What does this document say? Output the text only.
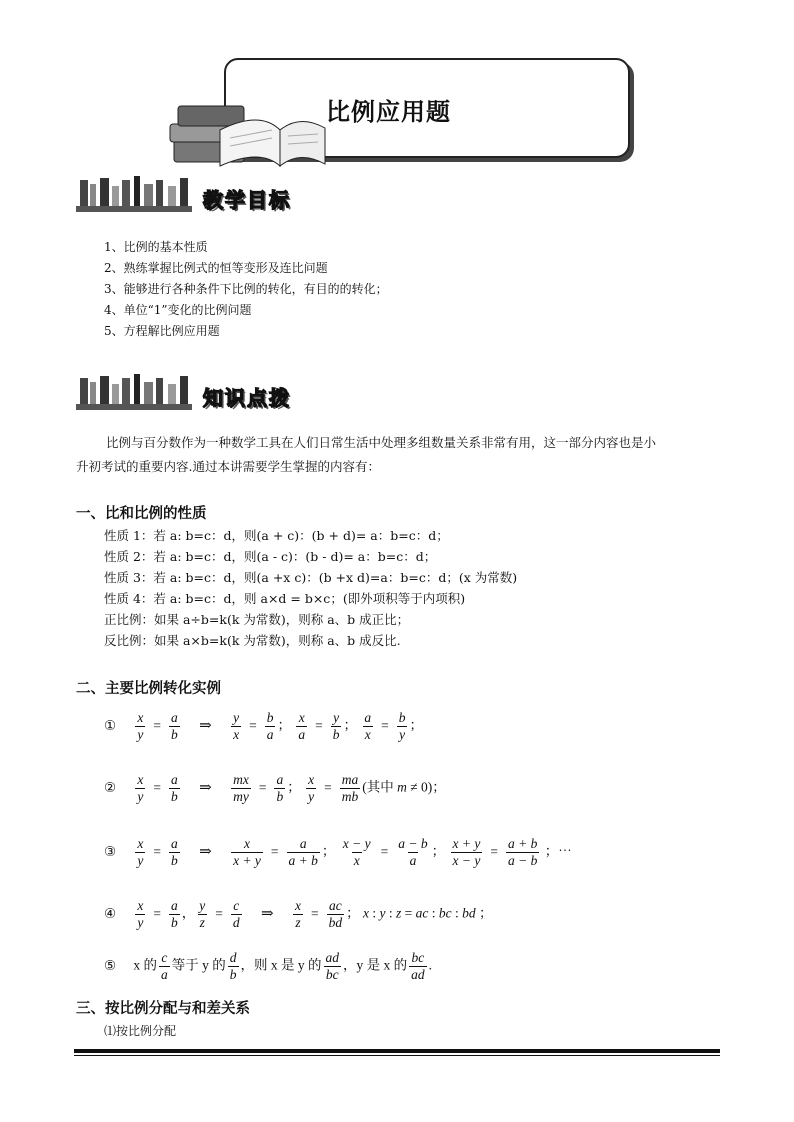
比例应用题
教学目标
1、比例的基本性质
2、熟练掌握比例式的恒等变形及连比问题
3、能够进行各种条件下比例的转化，有目的的转化；
4、单位“1”变化的比例问题
5、方程解比例应用题
知识点拨
比例与百分数作为一种数学工具在人们日常生活中处理多组数量关系非常有用，这一部分内容也是小
升初考试的重要内容.通过本讲需要学生掌握的内容有：
一、比和比例的性质
性质 1：若 a: b=c：d，则(a + c)：(b + d)= a：b=c：d；
性质 2：若 a: b=c：d，则(a - c)：(b - d)= a：b=c：d；
性质 3：若 a: b=c：d，则(a +x c)：(b +x d)=a：b=c：d；(x 为常数)
性质 4：若 a: b=c：d，则 a×d = b×c；(即外项积等于内项积)
正比例：如果 a÷b=k(k 为常数)，则称 a、b 成正比；
反比例：如果 a×b=k(k 为常数)，则称 a、b 成反比.
二、主要比例转化实例
① $\frac{x}{y} = \frac{a}{b}$ ⇒ $\frac{y}{x} = \frac{b}{a}$ ； $\frac{x}{a} = \frac{y}{b}$ ； $\frac{a}{x} = \frac{b}{y}$ ；
② $\frac{x}{y} = \frac{a}{b}$ ⇒ $\frac{mx}{my} = \frac{a}{b}$ ； $\frac{x}{y} = \frac{ma}{mb}$ (其中 m ≠ 0)；
③ $\frac{x}{y} = \frac{a}{b}$ ⇒ $\frac{x}{x + y} = \frac{a}{a + b}$ ； $\frac{x - y}{x} = \frac{a - b}{a}$ ； $\frac{x + y}{x - y} = \frac{a + b}{a - b}$ ；⋯
④ $\frac{x}{y} = \frac{a}{b}$ ， $\frac{y}{z} = \frac{c}{d}$ ⇒ $\frac{x}{z} = \frac{ac}{bd}$ ； x : y : z = ac : bc : bd ；
⑤ x 的 $\frac{c}{a}$ 等于 y 的 $\frac{d}{b}$ ，则 x 是 y 的 $\frac{ad}{bc}$ ，y 是 x 的 $\frac{bc}{ad}$ .
三、按比例分配与和差关系
⑴按比例分配
